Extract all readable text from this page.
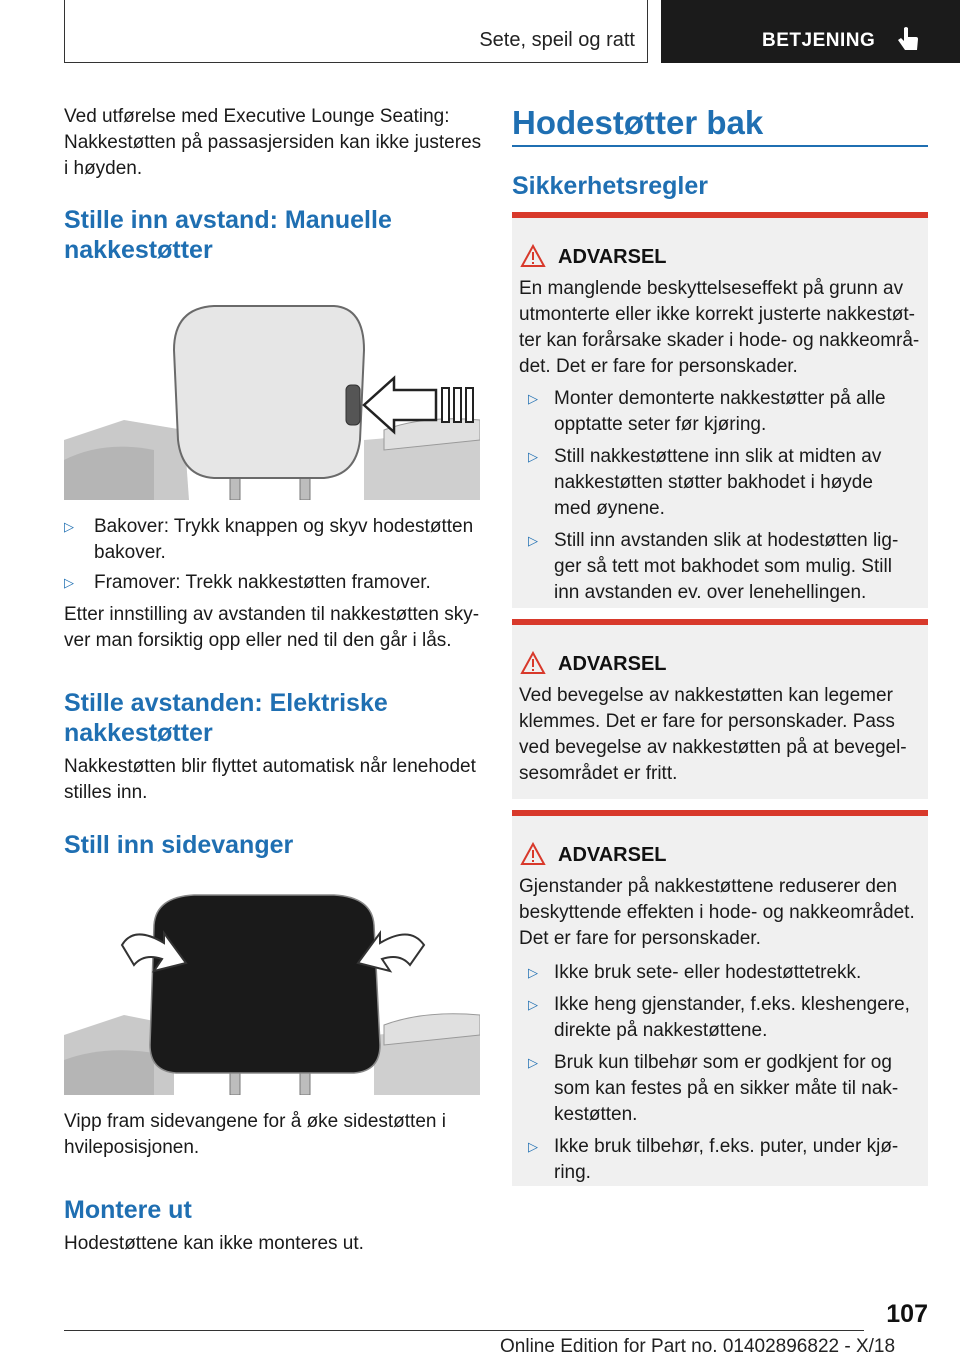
Sete, speil og ratt	BETJENING

Ved utførelse med Executive Lounge Seating: Nakkestøtten på passasjersiden kan ikke justeres i høyden.

Stille inn avstand: Manuelle nakkestøtter
▷ Bakover: Trykk knappen og skyv hodestøtten bakover.
▷ Framover: Trekk nakkestøtten framover.

Etter innstilling av avstanden til nakkestøtten sky-ver man forsiktig opp eller ned til den går i lås.

Stille avstanden: Elektriske nakkestøtter

Nakkestøtten blir flyttet automatisk når lenehodet stilles inn.

Still inn sidevanger

Vipp fram sidevangene for å øke sidestøtten i hvileposisjonen.

Montere ut

Hodestøttene kan ikke monteres ut.

Hodestøtter bak
Sikkerhetsregler
ADVARSEL
En manglende beskyttelseseffekt på grunn av utmonterte eller ikke korrekt justerte nakkestøt-ter kan forårsake skader i hode- og nakkeområ-det. Det er fare for personskader.
▷ Monter demonterte nakkestøtter på alle opptatte seter før kjøring.
▷ Still nakkestøttene inn slik at midten av nakkestøtten støtter bakhodet i høyde med øynene.
▷ Still inn avstanden slik at hodestøtten lig-ger så tett mot bakhodet som mulig. Still inn avstanden ev. over lenehellingen.
ADVARSEL
Ved bevegelse av nakkestøtten kan legemer klemmes. Det er fare for personskader. Pass ved bevegelse av nakkestøtten på at bevegel-sesområdet er fritt.
ADVARSEL
Gjenstander på nakkestøttene reduserer den beskyttende effekten i hode- og nakkeområdet. Det er fare for personskader.
▷ Ikke bruk sete- eller hodestøttetrekk.
▷ Ikke heng gjenstander, f.eks. kleshengere, direkte på nakkestøttene.
▷ Bruk kun tilbehør som er godkjent for og som kan festes på en sikker måte til nak-kestøtten.
▷ Ikke bruk tilbehør, f.eks. puter, under kjø-ring.
107
Online Edition for Part no. 01402896822 - X/18
